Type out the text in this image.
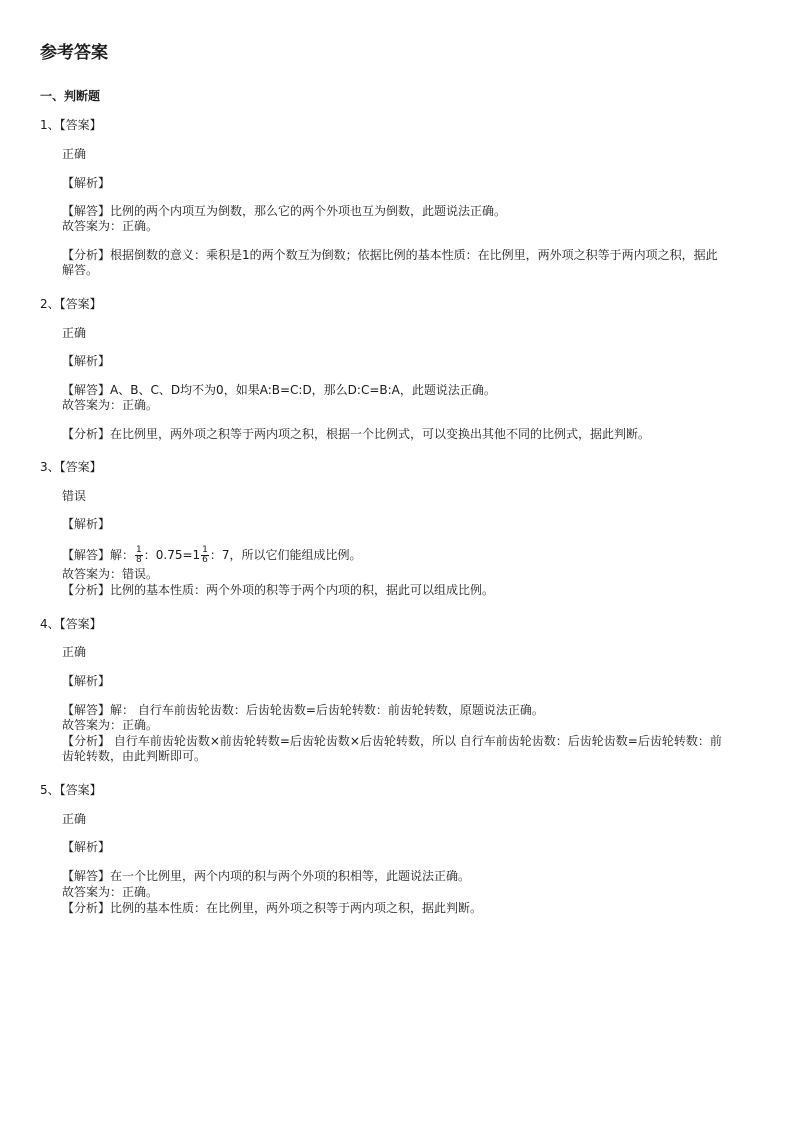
参考答案
一、判断题
1、【答案】
正确
【解析】
【解答】比例的两个内项互为倒数，那么它的两个外项也互为倒数，此题说法正确。
故答案为：正确。
【分析】根据倒数的意义：乘积是1的两个数互为倒数；依据比例的基本性质：在比例里，两外项之积等于两内项之积，据此解答。
2、【答案】
正确
【解析】
【解答】A、B、C、D均不为0，如果A:B=C:D，那么D:C=B:A，此题说法正确。
故答案为：正确。
【分析】在比例里，两外项之积等于两内项之积，根据一个比例式，可以变换出其他不同的比例式，据此判断。
3、【答案】
错误
【解析】
【解答】解： $\frac{1}{8}$ ：$0.75=1 \frac{1}{6}$ ：7，所以它们能组成比例。
故答案为：错误。
【分析】比例的基本性质：两个外项的积等于两个内项的积，据此可以组成比例。
4、【答案】
正确
【解析】
【解答】解： 自行车前齿轮齿数：后齿轮齿数=后齿轮转数：前齿轮转数，原题说法正确。
故答案为：正确。
【分析】 自行车前齿轮齿数×前齿轮转数=后齿轮齿数×后齿轮转数，所以 自行车前齿轮齿数：后齿轮齿数=后齿轮转数：前齿轮转数，由此判断即可。
5、【答案】
正确
【解析】
【解答】在一个比例里，两个内项的积与两个外项的积相等，此题说法正确。
故答案为：正确。
【分析】比例的基本性质：在比例里，两外项之积等于两内项之积，据此判断。
